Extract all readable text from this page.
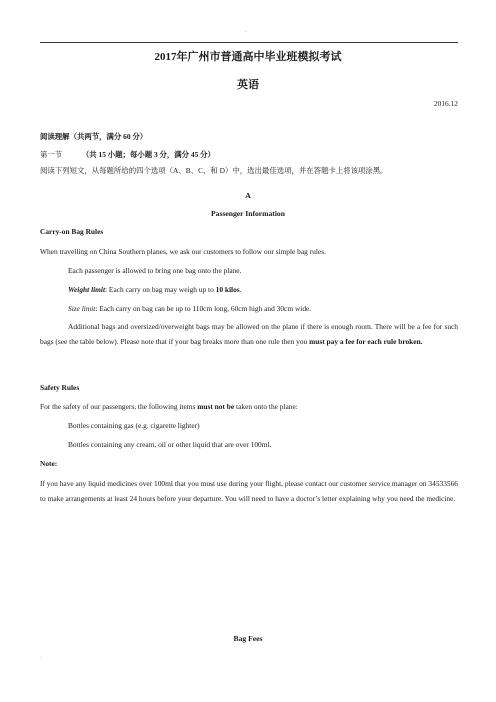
.
2017年广州市普通高中毕业班模拟考试
英语
2016.12
阅读理解（共两节，满分 60 分）
第一节	（共 15 小题；每小题 3 分，满分 45 分）
阅读下列短文，从每题所给的四个选项（A、B、C、和 D）中，选出最佳选项，并在答题卡上将该项涂黑。
A
Passenger Information
Carry-on Bag Rules
When travelling on China Southern planes, we ask our customers to follow our simple bag rules.
Each passenger is allowed to bring one bag onto the plane.
Weight limit: Each carry on bag may weigh up to 10 kilos.
Size limit: Each carry on bag can be up to 110cm long, 60cm high and 30cm wide.
Additional bags and oversized/overweight bags may be allowed on the plane if there is enough room. There will be a fee for such bags (see the table below). Please note that if your bag breaks more than one rule then you must pay a fee for each rule broken.
Safety Rules
For the safety of our passengers, the following items must not be taken onto the plane:
Bottles containing gas (e.g. cigarette lighter)
Bottles containing any cream, oil or other liquid that are over 100ml.
Note:
If you have any liquid medicines over 100ml that you must use during your flight, please contact our customer service manager on 34533566 to make arrangements at least 24 hours before your departure. You will need to have a doctor’s letter explaining why you need the medicine.
Bag Fees
.
